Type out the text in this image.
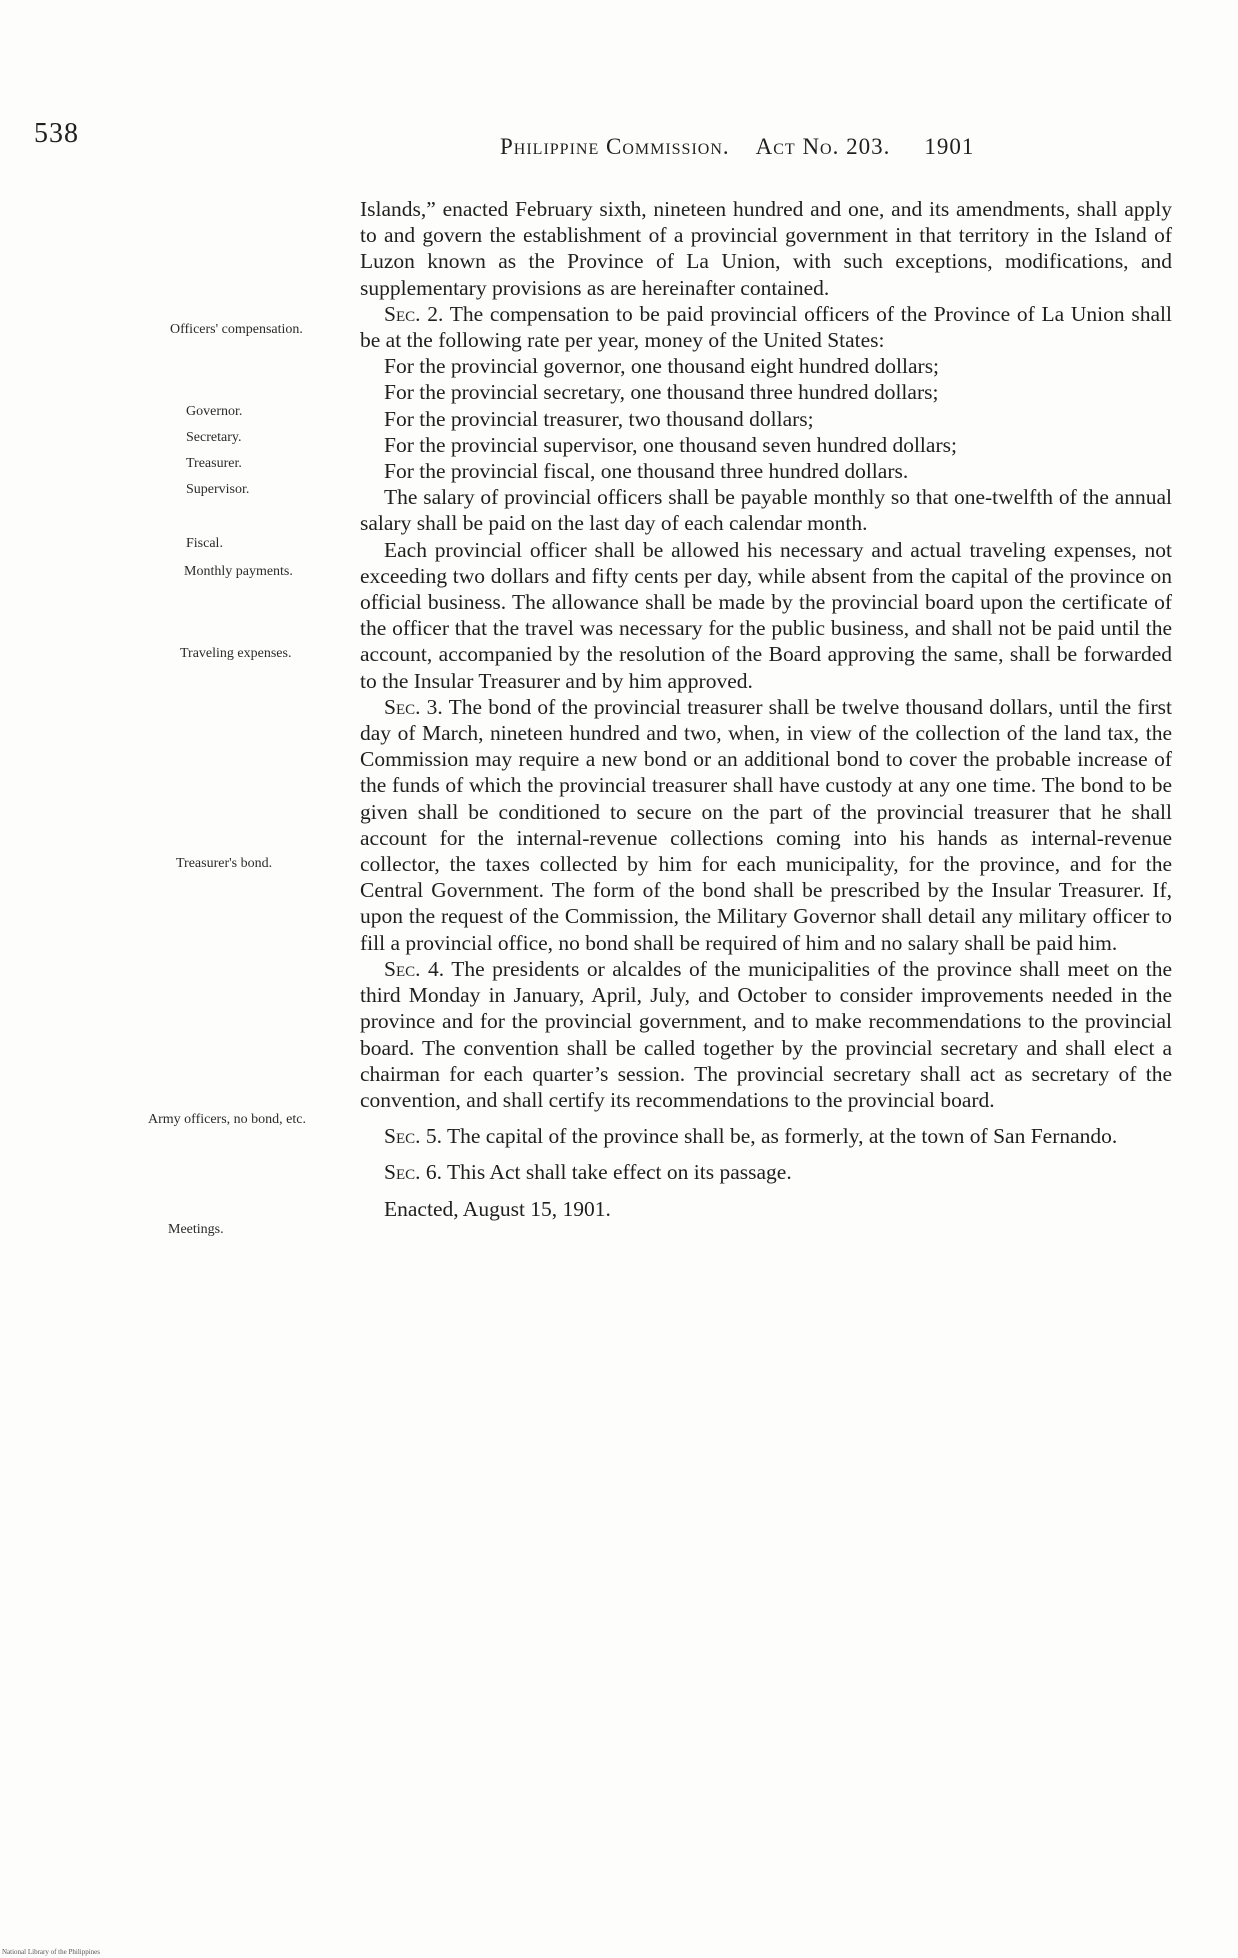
538	Philippine Commission. Act No. 203. 1901
Officers' compensation.
Governor.
Secretary.
Treasurer.
Supervisor.
Fiscal.
Monthly payments.
Traveling expenses.
Treasurer's bond.
Army officers, no bond, etc.
Meetings.

Islands,” enacted February sixth, nineteen hundred and one, and its amendments, shall apply to and govern the establishment of a provincial government in that territory in the Island of Luzon known as the Province of La Union, with such exceptions, modifications, and supplementary provisions as are hereinafter contained.

Sec. 2. The compensation to be paid provincial officers of the Province of La Union shall be at the following rate per year, money of the United States:

For the provincial governor, one thousand eight hundred dollars;

For the provincial secretary, one thousand three hundred dollars;

For the provincial treasurer, two thousand dollars;

For the provincial supervisor, one thousand seven hundred dollars;

For the provincial fiscal, one thousand three hundred dollars.

The salary of provincial officers shall be payable monthly so that one-twelfth of the annual salary shall be paid on the last day of each calendar month.

Each provincial officer shall be allowed his necessary and actual traveling expenses, not exceeding two dollars and fifty cents per day, while absent from the capital of the province on official business. The allowance shall be made by the provincial board upon the certificate of the officer that the travel was necessary for the public business, and shall not be paid until the account, accompanied by the resolution of the Board approving the same, shall be forwarded to the Insular Treasurer and by him approved.

Sec. 3. The bond of the provincial treasurer shall be twelve thousand dollars, until the first day of March, nineteen hundred and two, when, in view of the collection of the land tax, the Commission may require a new bond or an additional bond to cover the probable increase of the funds of which the provincial treasurer shall have custody at any one time. The bond to be given shall be conditioned to secure on the part of the provincial treasurer that he shall account for the internal-revenue collections coming into his hands as internal-revenue collector, the taxes collected by him for each municipality, for the province, and for the Central Government. The form of the bond shall be prescribed by the Insular Treasurer. If, upon the request of the Commission, the Military Governor shall detail any military officer to fill a provincial office, no bond shall be required of him and no salary shall be paid him.

Sec. 4. The presidents or alcaldes of the municipalities of the province shall meet on the third Monday in January, April, July, and October to consider improvements needed in the province and for the provincial government, and to make recommendations to the provincial board. The convention shall be called together by the provincial secretary and shall elect a chairman for each quarter’s session. The provincial secretary shall act as secretary of the convention, and shall certify its recommendations to the provincial board.

Sec. 5. The capital of the province shall be, as formerly, at the town of San Fernando.

Sec. 6. This Act shall take effect on its passage.

Enacted, August 15, 1901.

National Library of the Philippines
